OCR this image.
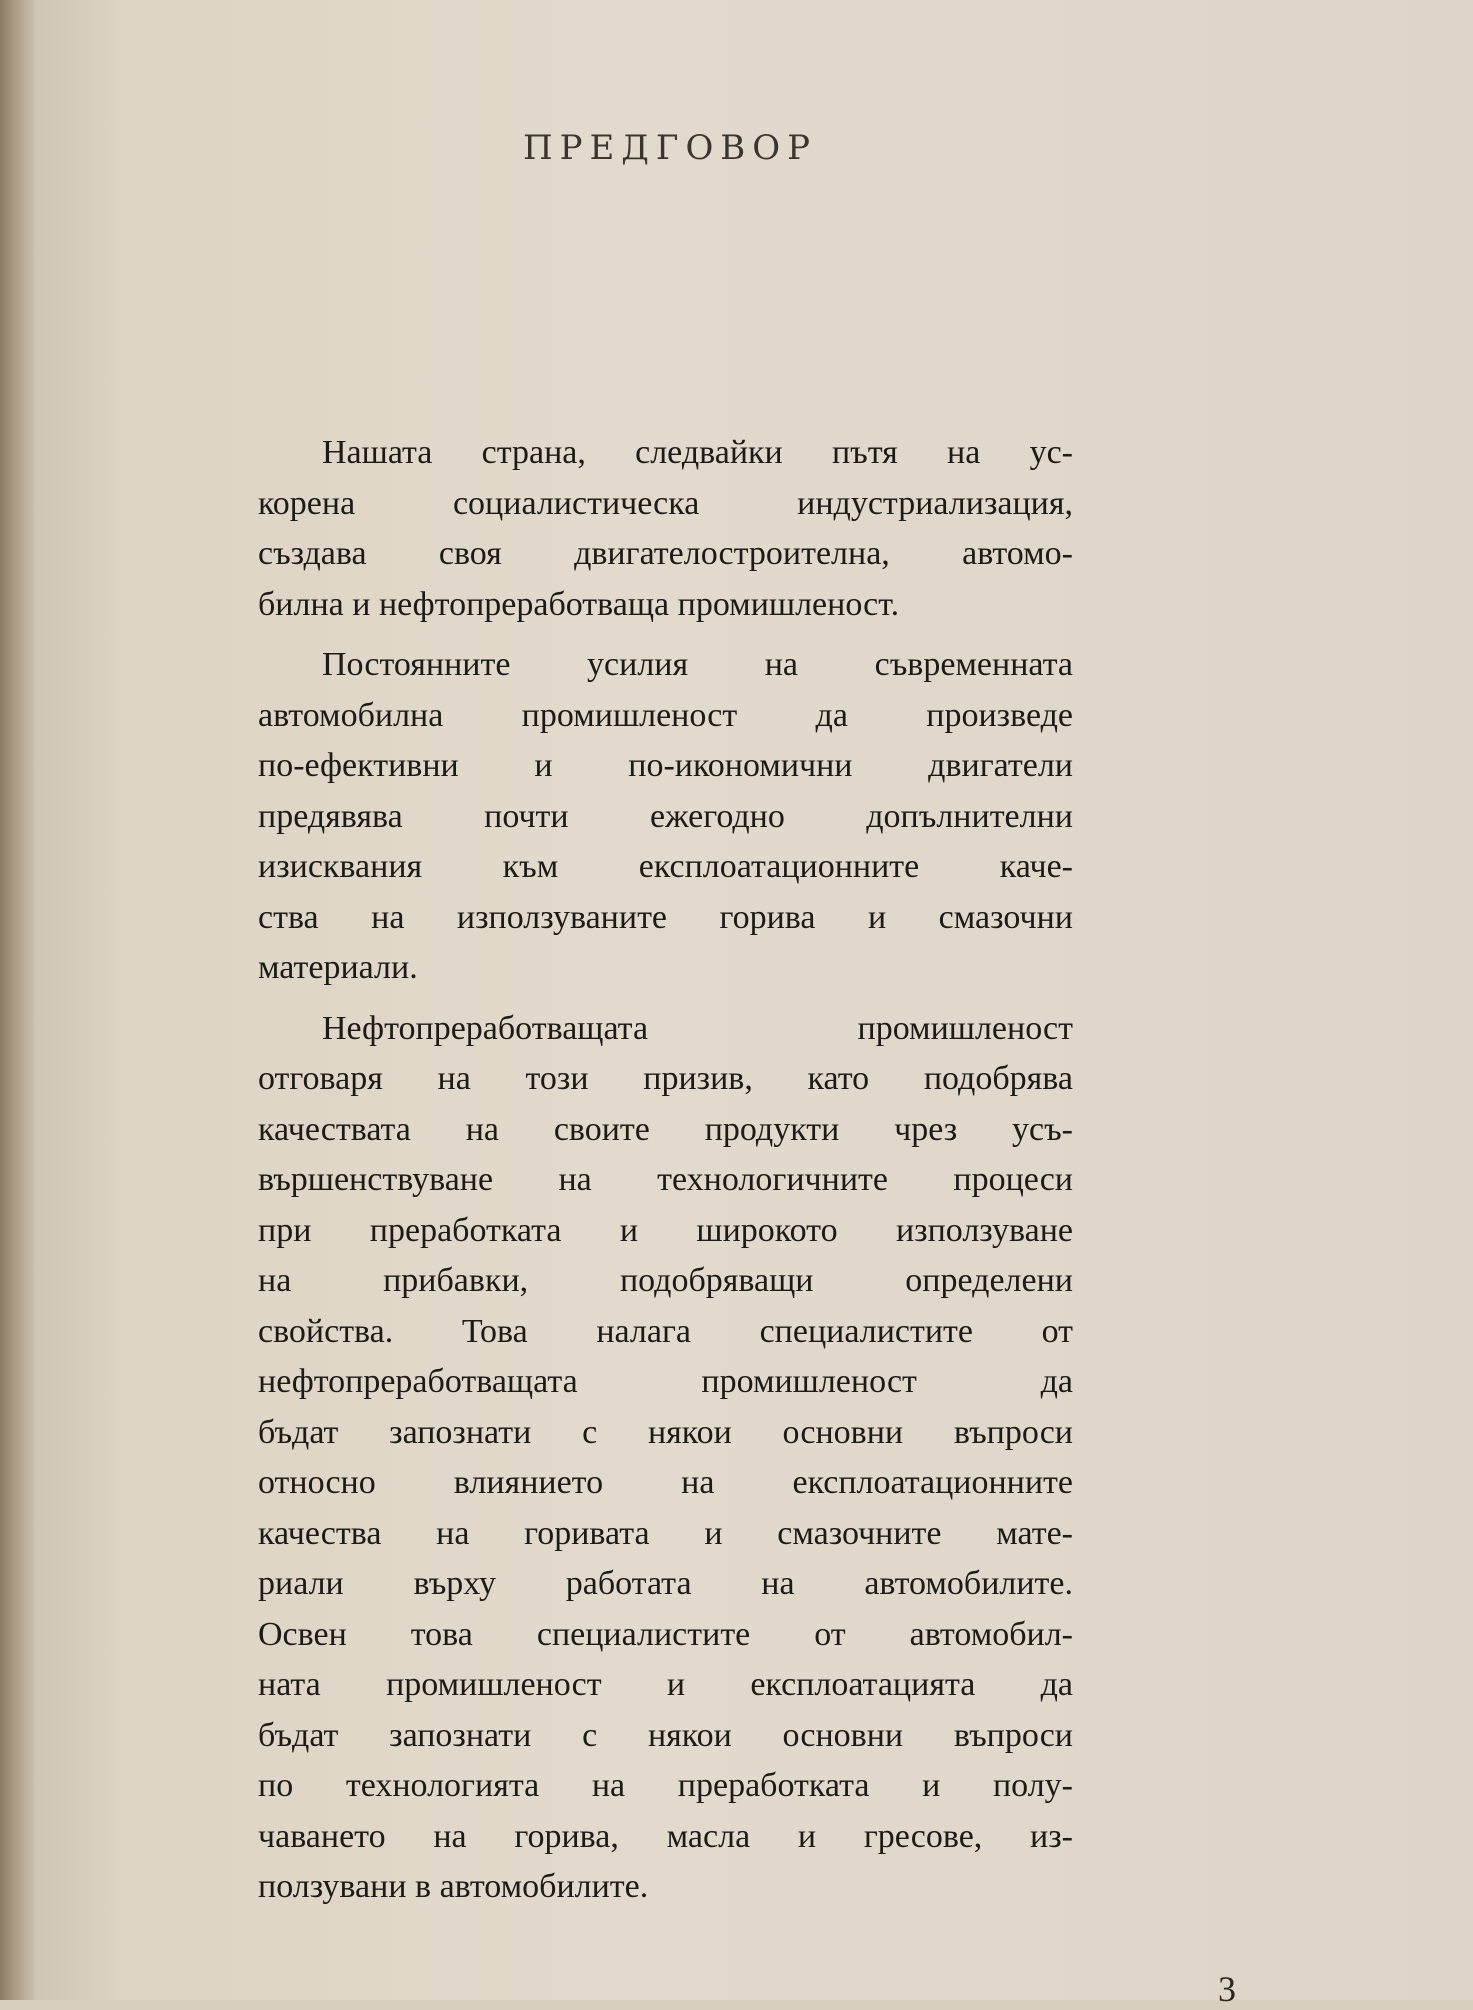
ПРЕДГОВОР
Нашата страна, следвайки пътя на ус-
корена социалистическа индустриализация,
създава своя двигателостроителна, автомо-
билна и нефтопреработваща промишленост.
Постоянните усилия на съвременната
автомобилна промишленост да произведе
по-ефективни и по-икономични двигатели
предявява почти ежегодно допълнителни
изисквания към експлоатационните каче-
ства на използуваните горива и смазочни
материали.
Нефтопреработващата промишленост
отговаря на този призив, като подобрява
качествата на своите продукти чрез усъ-
вършенствуване на технологичните процеси
при преработката и широкото използуване
на прибавки, подобряващи определени
свойства. Това налага специалистите от
нефтопреработващата промишленост да
бъдат запознати с някои основни въпроси
относно влиянието на експлоатационните
качества на горивата и смазочните мате-
риали върху работата на автомобилите.
Освен това специалистите от автомобил-
ната промишленост и експлоатацията да
бъдат запознати с някои основни въпроси
по технологията на преработката и полу-
чаването на горива, масла и гресове, из-
ползувани в автомобилите.
3
